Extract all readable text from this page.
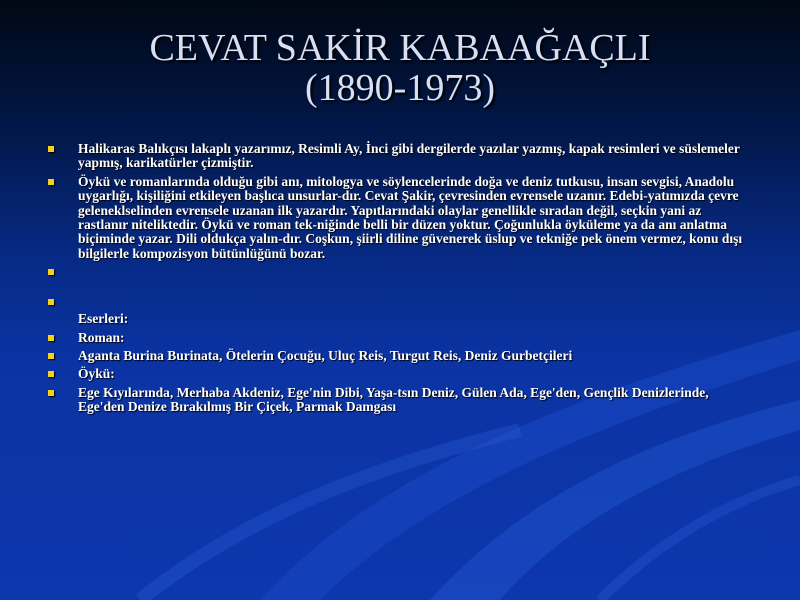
CEVAT SAKİR KABAAĞAÇLI
(1890-1973)
Halikaras Balıkçısı lakaplı yazarımız, Resimli Ay, İnci gibi dergilerde yazılar yazmış, kapak resimleri ve süslemeler yapmış, karikatürler çizmiştir.
Öykü ve romanlarında olduğu gibi anı, mitologya ve söylencelerinde doğa ve deniz tutkusu, insan sevgisi, Anadolu uygarlığı, kişiliğini etkileyen başlıca unsurlar-dır. Cevat Şakir, çevresinden evrensele uzanır. Edebi-yatımızda çevre geleneklselinden evrensele uzanan ilk yazardır. Yapıtlarındaki olaylar genellikle sıradan değil, seçkin yani az rastlanır niteliktedir. Öykü ve roman tek-niğinde belli bir düzen yoktur. Çoğunlukla öyküleme ya da anı anlatma biçiminde yazar. Dili oldukça yalın-dır. Coşkun, şiirli diline güvenerek üslup ve tekniğe pek önem vermez, konu dışı bilgilerle kompozisyon bütünlüğünü bozar.
Eserleri:
Roman:
Aganta Burina Burinata, Ötelerin Çocuğu, Uluç Reis, Turgut Reis, Deniz Gurbetçileri
Öykü:
Ege Kıyılarında, Merhaba Akdeniz, Ege'nin Dibi, Yaşa-tsın Deniz, Gülen Ada, Ege'den, Gençlik Denizlerinde, Ege'den Denize Bırakılmış Bir Çiçek, Parmak Damgası
